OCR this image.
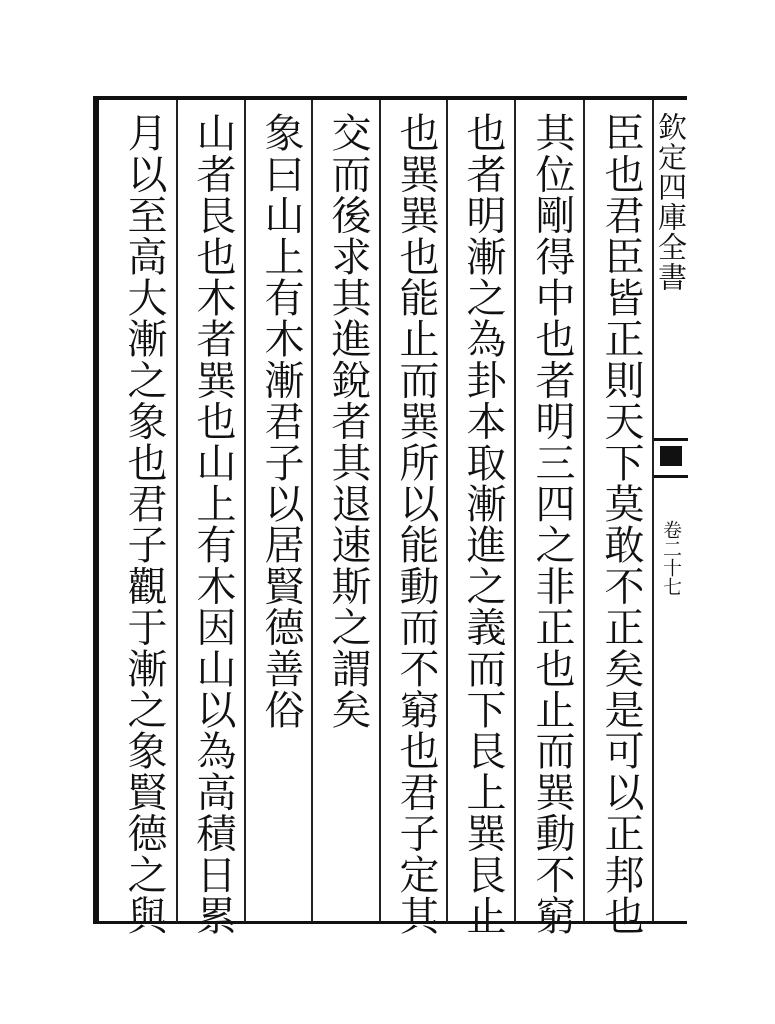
臣也君臣皆正則天下莫敢不正矣是可以正邦也
其位剛得中也者明三四之非正也止而巽動不窮
也者明漸之為卦本取漸進之義而下艮上巽艮止
也巽巽也能止而巽所以能動而不窮也君子定其
交而後求其進銳者其退速斯之謂矣
象曰山上有木漸君子以居賢德善俗
山者艮也木者巽也山上有木因山以為高積日累
月以至高大漸之象也君子觀于漸之象賢德之與	欽定四庫全書
卷二十七
